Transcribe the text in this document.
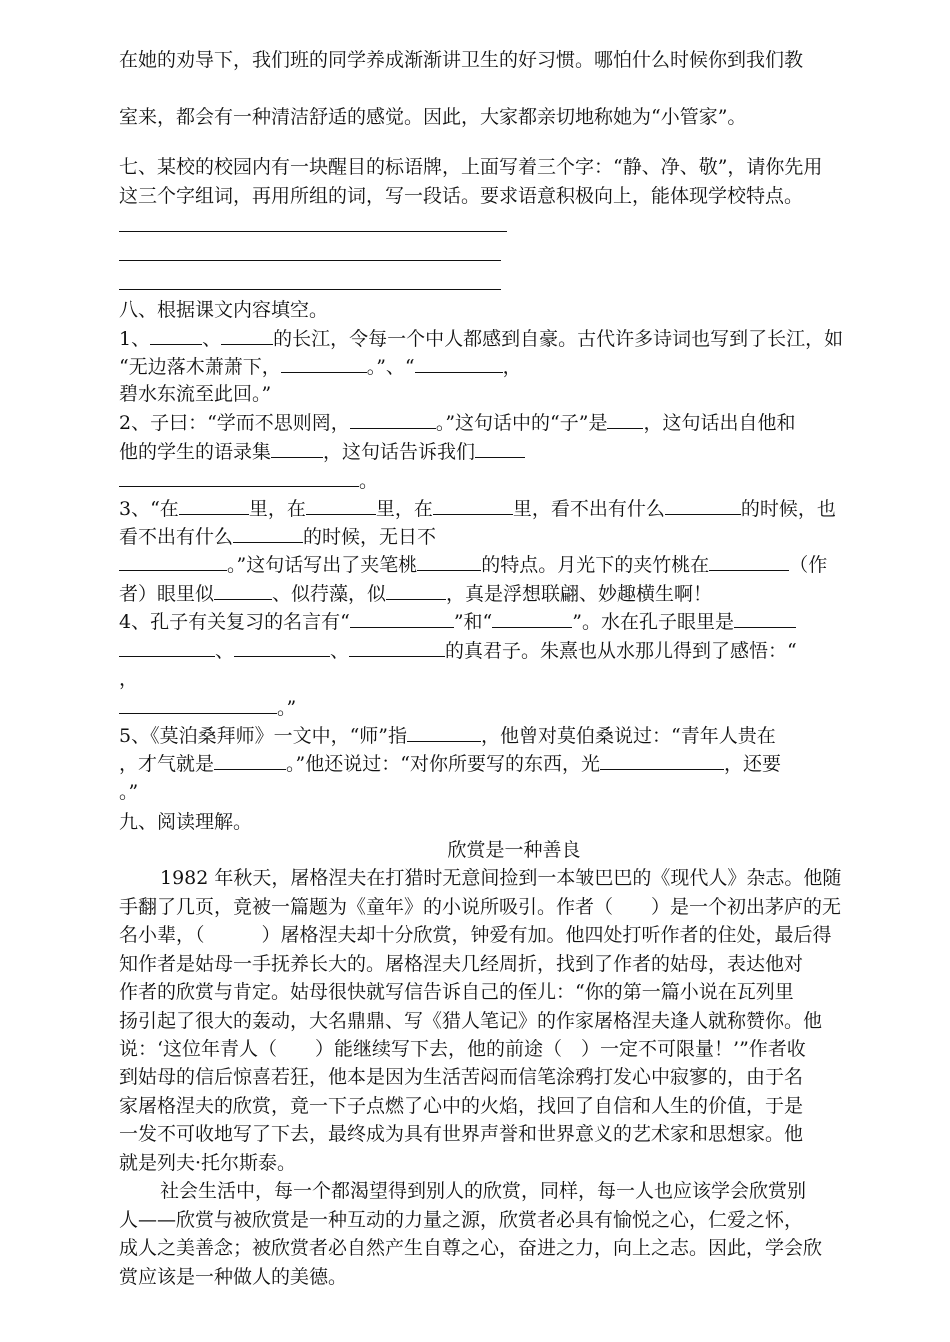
在她的劝导下，我们班的同学养成渐渐讲卫生的好习惯。哪怕什么时候你到我们教
室来，都会有一种清洁舒适的感觉。因此，大家都亲切地称她为“小管家”。
七、某校的校园内有一块醒目的标语牌，上面写着三个字：“静、净、敬”，请你先用
这三个字组词，再用所组的词，写一段话。要求语意积极向上，能体现学校特点。
八、根据课文内容填空。
1、	、	的长江，令每一个中人都感到自豪。古代许多诗词也写到了长江，如
“无边落木萧萧下，	。”、“	，
碧水东流至此回。”
2、子曰：“学而不思则罔，	。”这句话中的“子”是 ，这句话出自他和
他的学生的语录集	，这句话告诉我们
。
3、“在	里，在	里，在	里，看不出有什么	的时候，也
看不出有什么	的时候，无日不
。”这句话写出了夹笔桃	的特点。月光下的夹竹桃在	（作
者）眼里似	、似荇藻，似	，真是浮想联翩、妙趣横生啊！
4、孔子有关复习的名言有“	”和“	”。水在孔子眼里是
、	、	的真君子。朱熹也从水那儿得到了感悟：“
，
。”
5、《莫泊桑拜师》一文中，“师”指	，他曾对莫伯桑说过：“青年人贵在
，才气就是	。”他还说过：“对你所要写的东西，光	，还要
。”
九、阅读理解。
欣赏是一种善良
1982 年秋天，屠格涅夫在打猎时无意间捡到一本皱巴巴的《现代人》杂志。他随
手翻了几页，竟被一篇题为《童年》的小说所吸引。作者（　　）是一个初出茅庐的无
名小辈，（　　　）屠格涅夫却十分欣赏，钟爱有加。他四处打听作者的住处，最后得
知作者是姑母一手抚养长大的。屠格涅夫几经周折，找到了作者的姑母，表达他对
作者的欣赏与肯定。姑母很快就写信告诉自己的侄儿：“你的第一篇小说在瓦列里
扬引起了很大的轰动，大名鼎鼎、写《猎人笔记》的作家屠格涅夫逢人就称赞你。他
说：‘这位年青人（　　）能继续写下去，他的前途（　）一定不可限量！’”作者收
到姑母的信后惊喜若狂，他本是因为生活苦闷而信笔涂鸦打发心中寂寥的，由于名
家屠格涅夫的欣赏，竟一下子点燃了心中的火焰，找回了自信和人生的价值，于是
一发不可收地写了下去，最终成为具有世界声誉和世界意义的艺术家和思想家。他
就是列夫·托尔斯泰。
社会生活中，每一个都渴望得到别人的欣赏，同样，每一人也应该学会欣赏别
人——欣赏与被欣赏是一种互动的力量之源，欣赏者必具有愉悦之心，仁爱之怀，
成人之美善念；被欣赏者必自然产生自尊之心，奋进之力，向上之志。因此，学会欣
赏应该是一种做人的美德。
